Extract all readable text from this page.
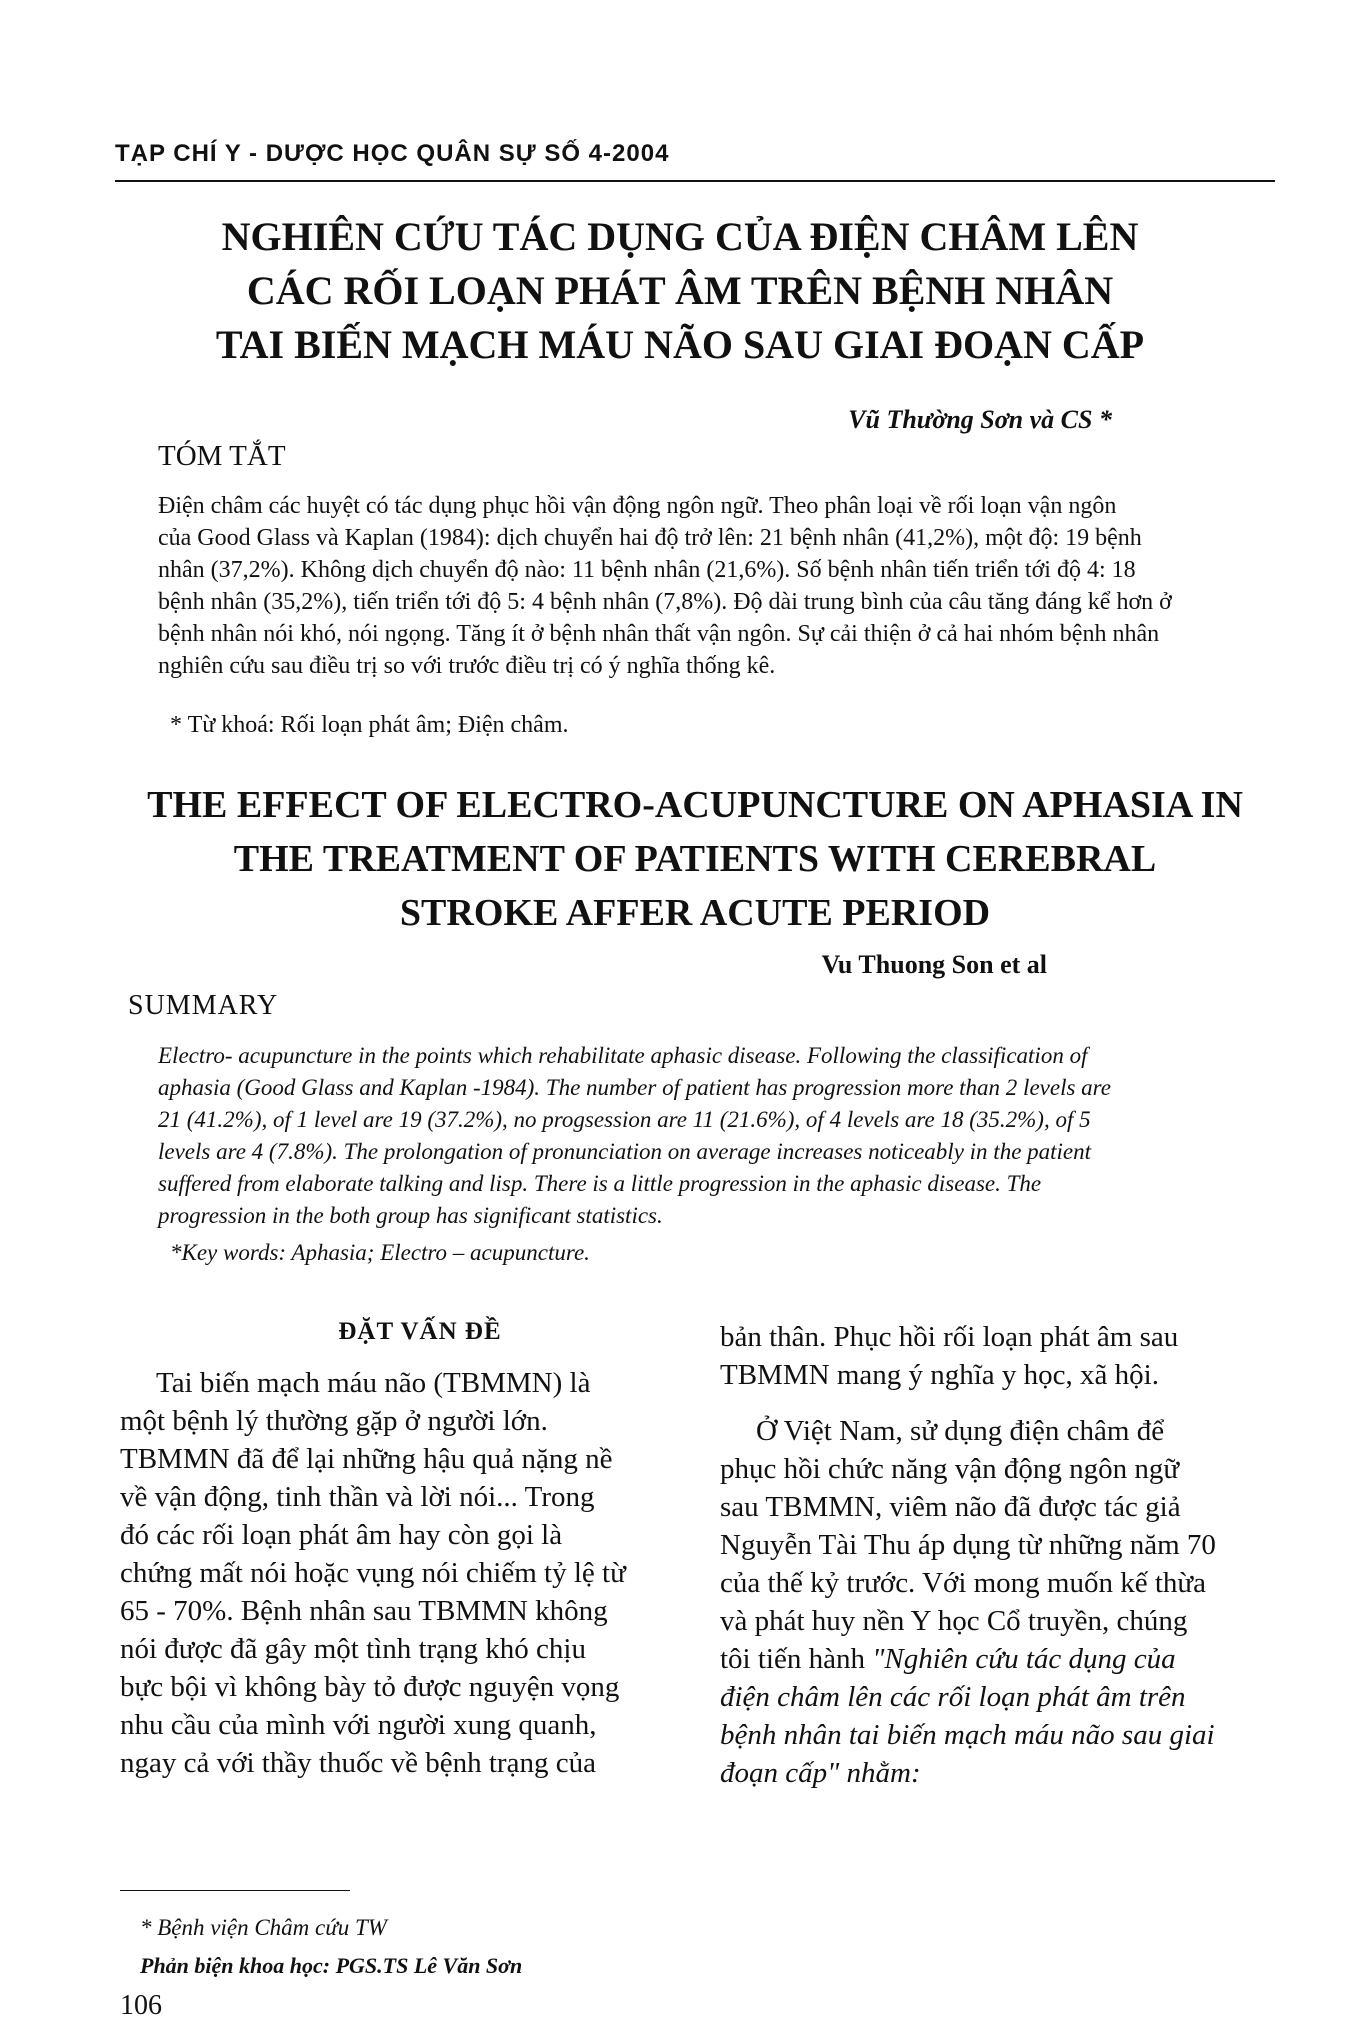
TẠP CHÍ Y - DƯỢC HỌC QUÂN SỰ SỐ 4-2004
NGHIÊN CỨU TÁC DỤNG CỦA ĐIỆN CHÂM LÊN
CÁC RỐI LOẠN PHÁT ÂM TRÊN BỆNH NHÂN
TAI BIẾN MẠCH MÁU NÃO SAU GIAI ĐOẠN CẤP
Vũ Thường Sơn và CS *
TÓM TẮT
Điện châm các huyệt có tác dụng phục hồi vận động ngôn ngữ. Theo phân loại về rối loạn vận ngôn
của Good Glass và Kaplan (1984): dịch chuyển hai độ trở lên: 21 bệnh nhân (41,2%), một độ: 19 bệnh
nhân (37,2%). Không dịch chuyển độ nào: 11 bệnh nhân (21,6%). Số bệnh nhân tiến triển tới độ 4: 18
bệnh nhân (35,2%), tiến triển tới độ 5: 4 bệnh nhân (7,8%). Độ dài trung bình của câu tăng đáng kể hơn ở
bệnh nhân nói khó, nói ngọng. Tăng ít ở bệnh nhân thất vận ngôn. Sự cải thiện ở cả hai nhóm bệnh nhân
nghiên cứu sau điều trị so với trước điều trị có ý nghĩa thống kê.
* Từ khoá: Rối loạn phát âm; Điện châm.
THE EFFECT OF ELECTRO-ACUPUNCTURE ON APHASIA IN
THE TREATMENT OF PATIENTS WITH CEREBRAL
STROKE AFFER ACUTE PERIOD
Vu Thuong Son et al
SUMMARY
Electro- acupuncture in the points which rehabilitate aphasic disease. Following the classification of
aphasia (Good Glass and Kaplan -1984). The number of patient has progression more than 2 levels are
21 (41.2%), of 1 level are 19 (37.2%), no progsession are 11 (21.6%), of 4 levels are 18 (35.2%), of 5
levels are 4 (7.8%). The prolongation of pronunciation on average increases noticeably in the patient
suffered from elaborate talking and lisp. There is a little progression in the aphasic disease. The
progression in the both group has significant statistics.
*Key words: Aphasia; Electro – acupuncture.
ĐẶT VẤN ĐỀ
Tai biến mạch máu não (TBMMN) là
một bệnh lý thường gặp ở người lớn.
TBMMN đã để lại những hậu quả nặng nề
về vận động, tinh thần và lời nói... Trong
đó các rối loạn phát âm hay còn gọi là
chứng mất nói hoặc vụng nói chiếm tỷ lệ từ
65 - 70%. Bệnh nhân sau TBMMN không
nói được đã gây một tình trạng khó chịu
bực bội vì không bày tỏ được nguyện vọng
nhu cầu của mình với người xung quanh,
ngay cả với thầy thuốc về bệnh trạng của
bản thân. Phục hồi rối loạn phát âm sau
TBMMN mang ý nghĩa y học, xã hội.
Ở Việt Nam, sử dụng điện châm để
phục hồi chức năng vận động ngôn ngữ
sau TBMMN, viêm não đã được tác giả
Nguyễn Tài Thu áp dụng từ những năm 70
của thế kỷ trước. Với mong muốn kế thừa
và phát huy nền Y học Cổ truyền, chúng
tôi tiến hành "Nghiên cứu tác dụng của
điện châm lên các rối loạn phát âm trên
bệnh nhân tai biến mạch máu não sau giai
đoạn cấp" nhằm:
* Bệnh viện Châm cứu TW
Phản biện khoa học: PGS.TS Lê Văn Sơn
106
